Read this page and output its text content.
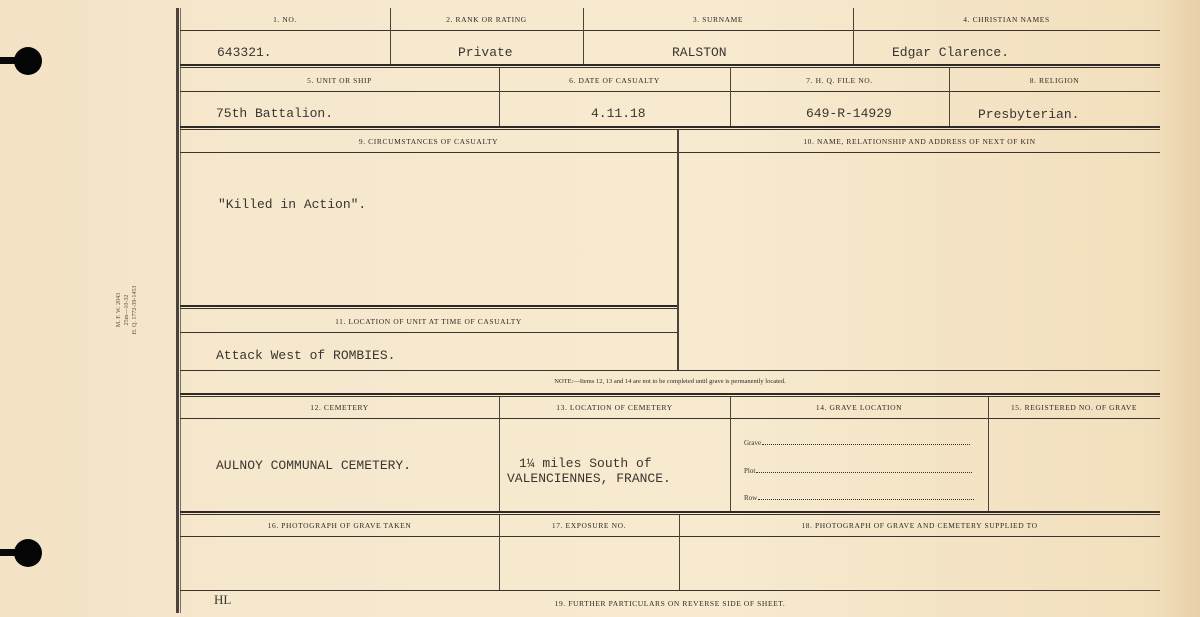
M. F. W. 2043 25m—10-32 H. Q. 1772-39-1453
1. NO.	2. RANK OR RATING	3. SURNAME	4. CHRISTIAN NAMES
643321.	Private	RALSTON	Edgar Clarence.
5. UNIT OR SHIP	6. DATE OF CASUALTY	7. H. Q. FILE NO.	8. RELIGION
75th Battalion.	4.11.18	649-R-14929	Presbyterian.
9. CIRCUMSTANCES OF CASUALTY	10. NAME, RELATIONSHIP AND ADDRESS OF NEXT OF KIN
"Killed in Action".
11. LOCATION OF UNIT AT TIME OF CASUALTY
Attack West of ROMBIES.
NOTE:—Items 12, 13 and 14 are not to be completed until grave is permanently located.
12. CEMETERY	13. LOCATION OF CEMETERY	14. GRAVE LOCATION	15. REGISTERED NO. OF GRAVE
AULNOY COMMUNAL CEMETERY.	1¼ miles South of
VALENCIENNES, FRANCE.
Grave
Plot
Row
16. PHOTOGRAPH OF GRAVE TAKEN	17. EXPOSURE NO.	18. PHOTOGRAPH OF GRAVE AND CEMETERY SUPPLIED TO
HL	19. FURTHER PARTICULARS ON REVERSE SIDE OF SHEET.
